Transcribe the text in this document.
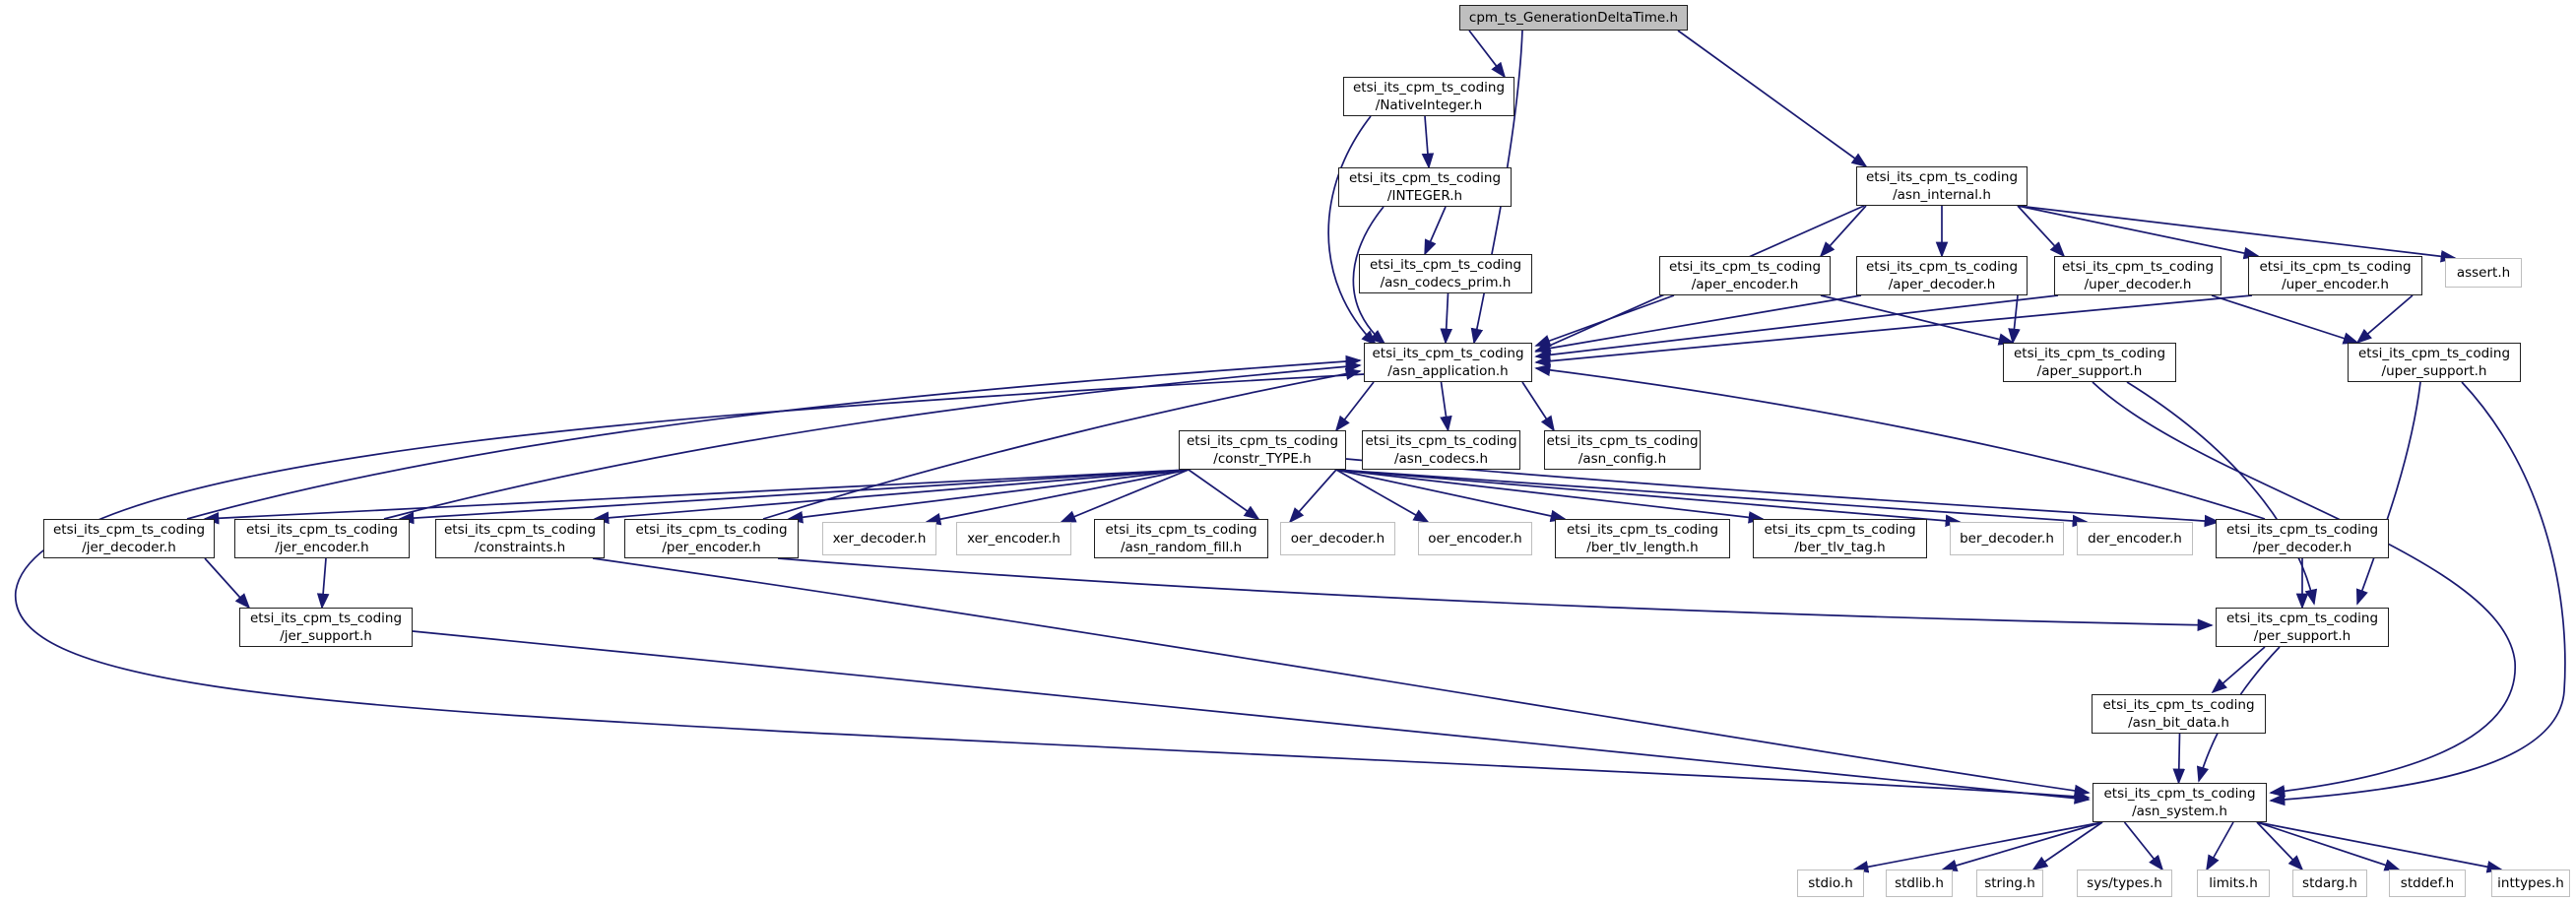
cpm_ts_GenerationDeltaTime.h
etsi_its_cpm_ts_coding
/NativeInteger.h
etsi_its_cpm_ts_coding
/INTEGER.h
etsi_its_cpm_ts_coding
/asn_codecs_prim.h
etsi_its_cpm_ts_coding
/asn_internal.h
etsi_its_cpm_ts_coding
/aper_encoder.h
etsi_its_cpm_ts_coding
/aper_decoder.h
etsi_its_cpm_ts_coding
/uper_decoder.h
etsi_its_cpm_ts_coding
/uper_encoder.h
assert.h
etsi_its_cpm_ts_coding
/asn_application.h
etsi_its_cpm_ts_coding
/aper_support.h
etsi_its_cpm_ts_coding
/uper_support.h
etsi_its_cpm_ts_coding
/constr_TYPE.h
etsi_its_cpm_ts_coding
/asn_codecs.h
etsi_its_cpm_ts_coding
/asn_config.h
etsi_its_cpm_ts_coding
/jer_decoder.h
etsi_its_cpm_ts_coding
/jer_encoder.h
etsi_its_cpm_ts_coding
/constraints.h
etsi_its_cpm_ts_coding
/per_encoder.h
xer_decoder.h	xer_encoder.h
etsi_its_cpm_ts_coding
/asn_random_fill.h
oer_decoder.h	oer_encoder.h
etsi_its_cpm_ts_coding
/ber_tlv_length.h
etsi_its_cpm_ts_coding
/ber_tlv_tag.h
ber_decoder.h	der_encoder.h
etsi_its_cpm_ts_coding
/per_decoder.h
etsi_its_cpm_ts_coding
/jer_support.h
etsi_its_cpm_ts_coding
/per_support.h
etsi_its_cpm_ts_coding
/asn_bit_data.h
etsi_its_cpm_ts_coding
/asn_system.h
stdio.h	stdlib.h	string.h	sys/types.h	limits.h	stdarg.h	stddef.h	inttypes.h
